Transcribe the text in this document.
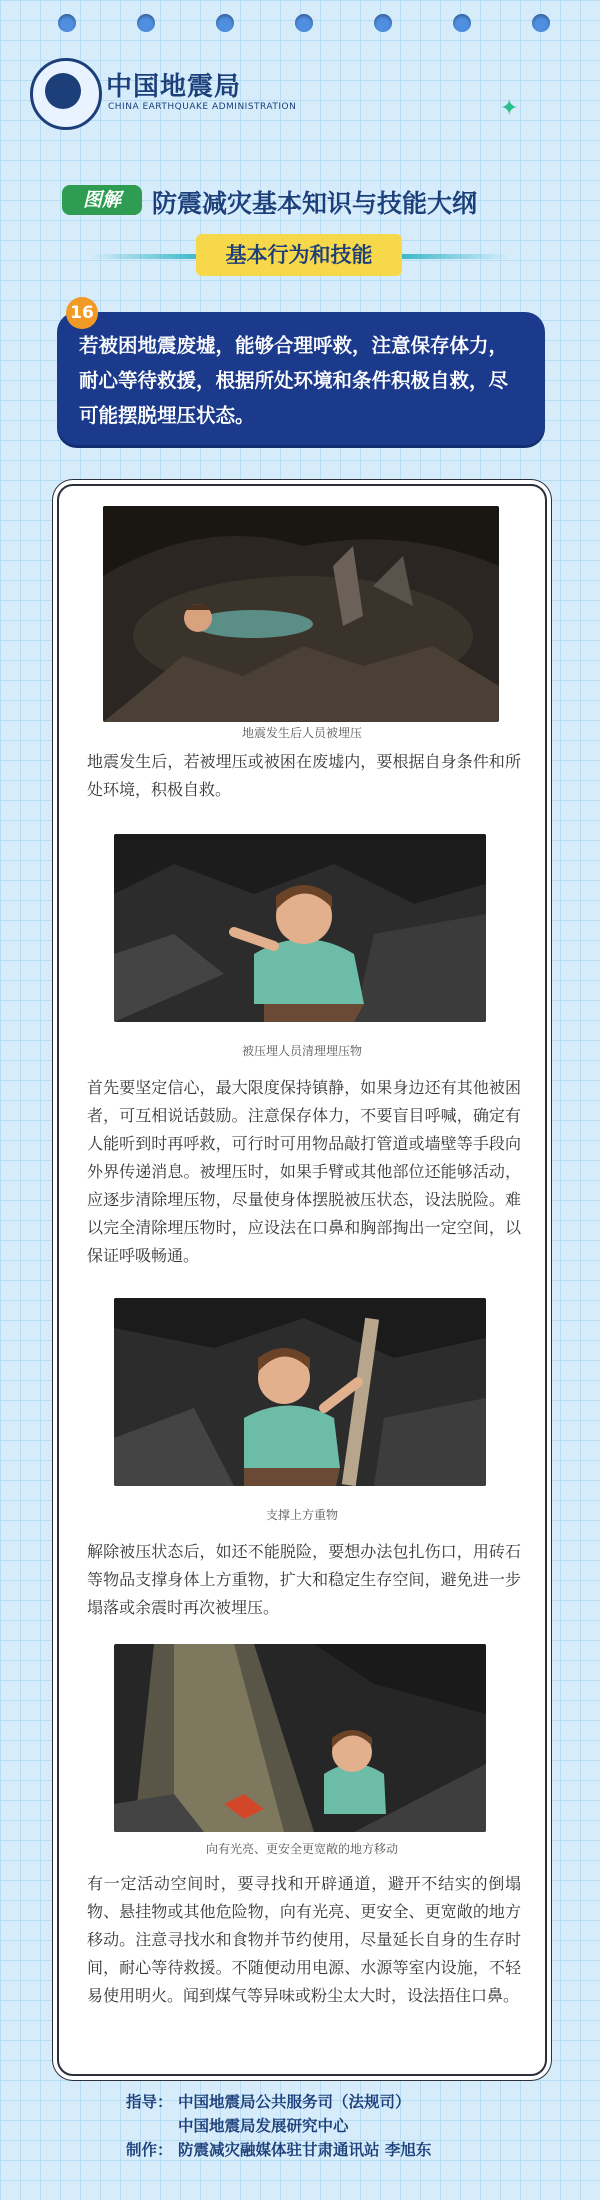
中国地震局
CHINA EARTHQUAKE ADMINISTRATION	✦
图解	防震减灾基本知识与技能大纲
基本行为和技能
16
若被困地震废墟，能够合理呼救，注意保存体力，耐心等待救援，根据所处环境和条件积极自救，尽可能摆脱埋压状态。
地震发生后人员被埋压
地震发生后，若被埋压或被困在废墟内，要根据自身条件和所处环境，积极自救。
被压埋人员清理埋压物
首先要坚定信心，最大限度保持镇静，如果身边还有其他被困者，可互相说话鼓励。注意保存体力，不要盲目呼喊，确定有人能听到时再呼救，可行时可用物品敲打管道或墙壁等手段向外界传递消息。被埋压时，如果手臂或其他部位还能够活动，应逐步清除埋压物，尽量使身体摆脱被压状态，设法脱险。难以完全清除埋压物时，应设法在口鼻和胸部掏出一定空间，以保证呼吸畅通。
支撑上方重物
解除被压状态后，如还不能脱险，要想办法包扎伤口，用砖石等物品支撑身体上方重物，扩大和稳定生存空间，避免进一步塌落或余震时再次被埋压。
向有光亮、更安全更宽敞的地方移动
有一定活动空间时，要寻找和开辟通道，避开不结实的倒塌物、悬挂物或其他危险物，向有光亮、更安全、更宽敞的地方移动。注意寻找水和食物并节约使用，尽量延长自身的生存时间，耐心等待救援。不随便动用电源、水源等室内设施，不轻易使用明火。闻到煤气等异味或粉尘太大时，设法捂住口鼻。
指导： 中国地震局公共服务司（法规司）
中国地震局发展研究中心
制作： 防震减灾融媒体驻甘肃通讯站 李旭东
